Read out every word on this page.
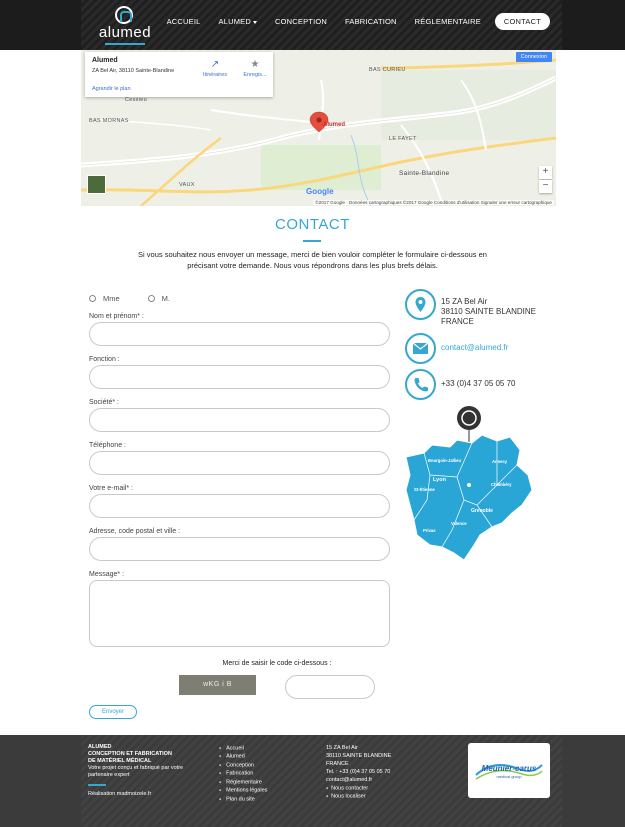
alumed
ACCUEIL ALUMED	CONCEPTION FABRICATION RÉGLEMENTAIRE	CONTACT
BAS CURIEU
BAS MORNAS
LE FAYET
Sainte-Blandine
VAUX
Cessieu
Alumed
Alumed
ZA Bel Air, 38110 Sainte-Blandine
Agrandir le plan
↗
Itinéraires
★
Enregis...
Connexion
+
−
Google
©2017 Google · Données cartographiques ©2017 Google Conditions d'utilisation Signaler une erreur cartographique
CONTACT
Si vous souhaitez nous envoyer un message, merci de bien vouloir compléter le formulaire ci-dessous en précisant votre demande. Nous vous répondrons dans les plus brefs délais.
Mme	M.
Nom et prénom* :
Fonction :
Société* :
Téléphone :
Votre e-mail* :
Adresse, code postal et ville :
Message* :
Merci de saisir le code ci-dessous :
wKG i B
Envoyer
15 ZA Bel Air
38110 SAINTE BLANDINE
FRANCE
contact@alumed.fr
+33 (0)4 37 05 05 70
Bourgoin-Jallieu	Annecy
Lyon
Chambéry
St-Étienne
Grenoble
Valence
Privas
ALUMED
CONCEPTION ET FABRICATION
DE MATÉRIEL MÉDICAL
Votre projet conçu et fabriqué par votre partenaire expert
Réalisation madmoizele.fr
● Accueil
● Alumed
● Conception
● Fabrication
● Réglementaire
● Mentions légales
● Plan du site
15 ZA Bel Air
38110 SAINTE BLANDINE
FRANCE
Tel. : +33 (0)4 37 05 05 70
contact@alumed.fr
● Nous contacter
● Nous localiser
Meunier-carus
médical group
